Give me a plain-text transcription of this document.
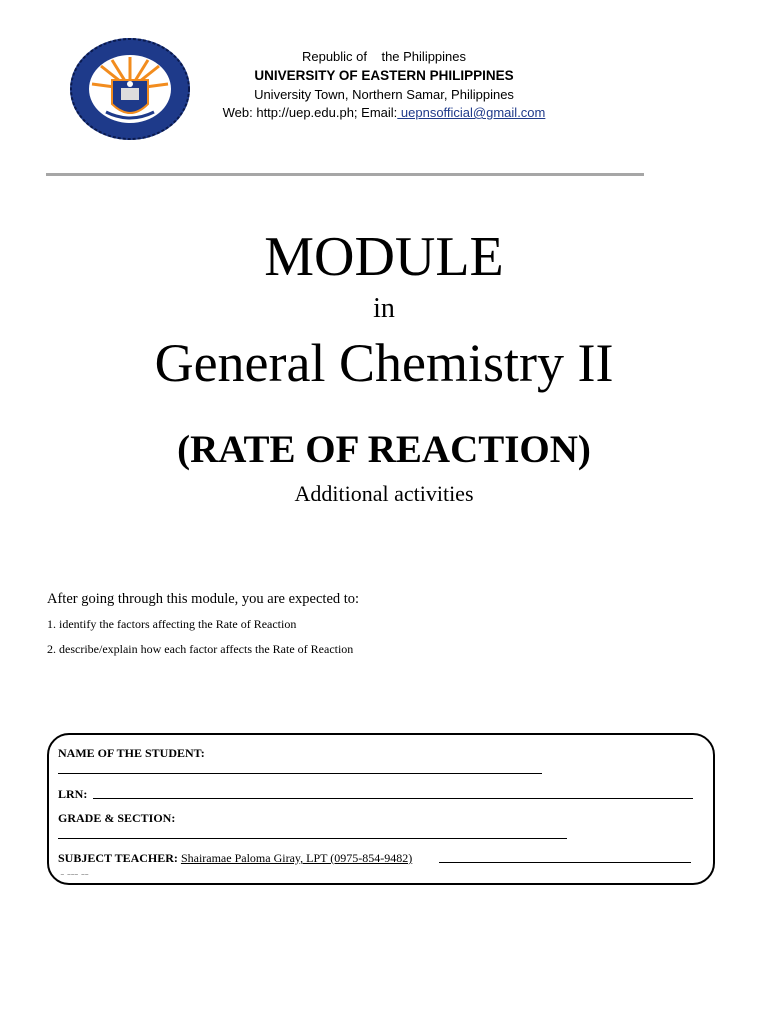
Republic of    the Philippines
UNIVERSITY OF EASTERN PHILIPPINES
University Town, Northern Samar, Philippines
Web: http://uep.edu.ph; Email: uepnsofficial@gmail.com
MODULE
in
General Chemistry II
(RATE OF REACTION)
Additional activities

After going through this module, you are expected to:

1. identify the factors affecting the Rate of Reaction

2. describe/explain how each factor affects the Rate of Reaction

NAME OF THE STUDENT:
LRN:
GRADE & SECTION:
SUBJECT TEACHER: Shairamae Paloma Giray, LPT (0975-854-9482)
‾ ‾‾‾ ‾‾
